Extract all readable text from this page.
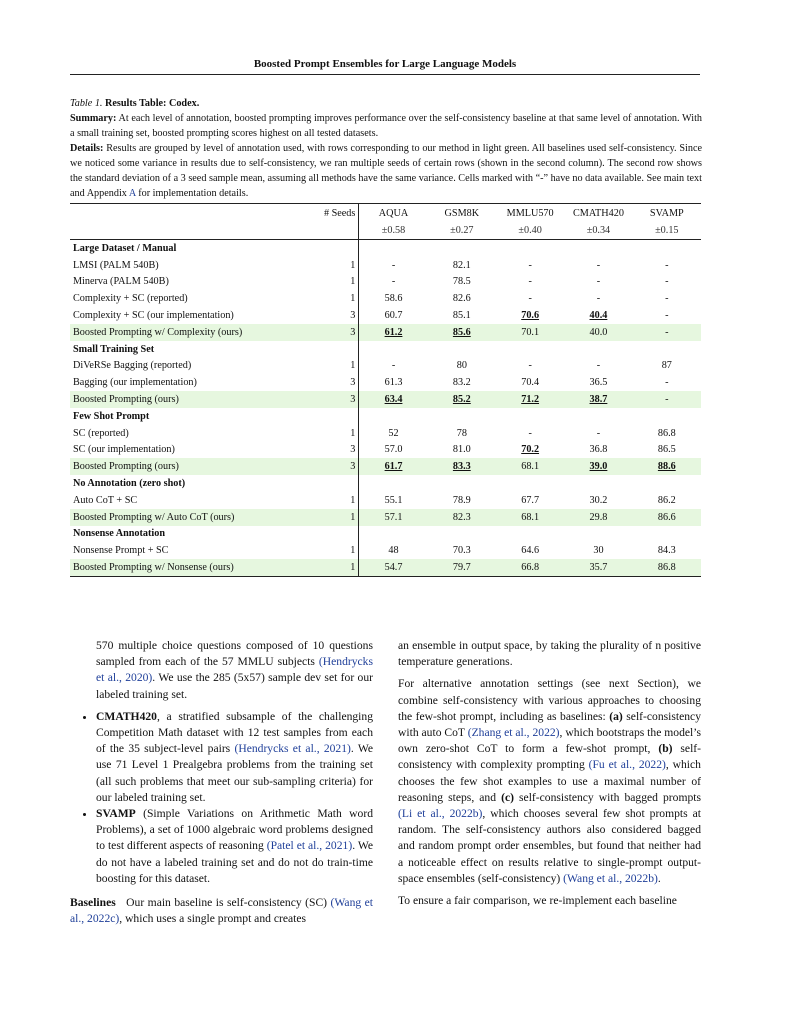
Boosted Prompt Ensembles for Large Language Models

Table 1. Results Table: Codex.

Summary: At each level of annotation, boosted prompting improves performance over the self-consistency baseline at that same level of annotation. With a small training set, boosted prompting scores highest on all tested datasets.

Details: Results are grouped by level of annotation used, with rows corresponding to our method in light green. All baselines used self-consistency. Since we noticed some variance in results due to self-consistency, we ran multiple seeds of certain rows (shown in the second column). The second row shows the standard deviation of a 3 seed sample mean, assuming all methods have the same variance. Cells marked with “-” have no data available. See main text and Appendix A for implementation details.

	# Seeds	AQUA	GSM8K	MMLU570	CMATH420	SVAMP
		±0.58	±0.27	±0.40	±0.34	±0.15
Large Dataset / Manual						
LMSI (PALM 540B)	1	-	82.1	-	-	-
Minerva (PALM 540B)	1	-	78.5	-	-	-
Complexity + SC (reported)	1	58.6	82.6	-	-	-
Complexity + SC (our implementation)	3	60.7	85.1	70.6	40.4	-
Boosted Prompting w/ Complexity (ours)	3	61.2	85.6	70.1	40.0	-
Small Training Set						
DiVeRSe Bagging (reported)	1	-	80	-	-	87
Bagging (our implementation)	3	61.3	83.2	70.4	36.5	-
Boosted Prompting (ours)	3	63.4	85.2	71.2	38.7	-
Few Shot Prompt						
SC (reported)	1	52	78	-	-	86.8
SC (our implementation)	3	57.0	81.0	70.2	36.8	86.5
Boosted Prompting (ours)	3	61.7	83.3	68.1	39.0	88.6
No Annotation (zero shot)						
Auto CoT + SC	1	55.1	78.9	67.7	30.2	86.2
Boosted Prompting w/ Auto CoT (ours)	1	57.1	82.3	68.1	29.8	86.6
Nonsense Annotation						
Nonsense Prompt + SC	1	48	70.3	64.6	30	84.3
Boosted Prompting w/ Nonsense (ours)	1	54.7	79.7	66.8	35.7	86.8

570 multiple choice questions composed of 10 questions sampled from each of the 57 MMLU subjects (Hendrycks et al., 2020). We use the 285 (5x57) sample dev set for our labeled training set.

• CMATH420, a stratified subsample of the challenging Competition Math dataset with 12 test samples from each of the 35 subject-level pairs (Hendrycks et al., 2021). We use 71 Level 1 Prealgebra problems from the training set (all such problems that meet our sub-sampling criteria) for our labeled training set.
• SVAMP (Simple Variations on Arithmetic Math word Problems), a set of 1000 algebraic word problems designed to test different aspects of reasoning (Patel et al., 2021). We do not have a labeled training set and do not do train-time boosting for this dataset.

Baselines Our main baseline is self-consistency (SC) (Wang et al., 2022c), which uses a single prompt and creates

an ensemble in output space, by taking the plurality of n positive temperature generations.

For alternative annotation settings (see next Section), we combine self-consistency with various approaches to choosing the few-shot prompt, including as baselines: (a) self-consistency with auto CoT (Zhang et al., 2022), which bootstraps the model’s own zero-shot CoT to form a few-shot prompt, (b) self-consistency with complexity prompting (Fu et al., 2022), which chooses the few shot examples to use a maximal number of reasoning steps, and (c) self-consistency with bagged prompts (Li et al., 2022b), which chooses several few shot prompts at random. The self-consistency authors also considered bagged and random prompt order ensembles, but found that neither had a noticeable effect on results relative to single-prompt output-space ensembles (self-consistency) (Wang et al., 2022b).

To ensure a fair comparison, we re-implement each baseline
